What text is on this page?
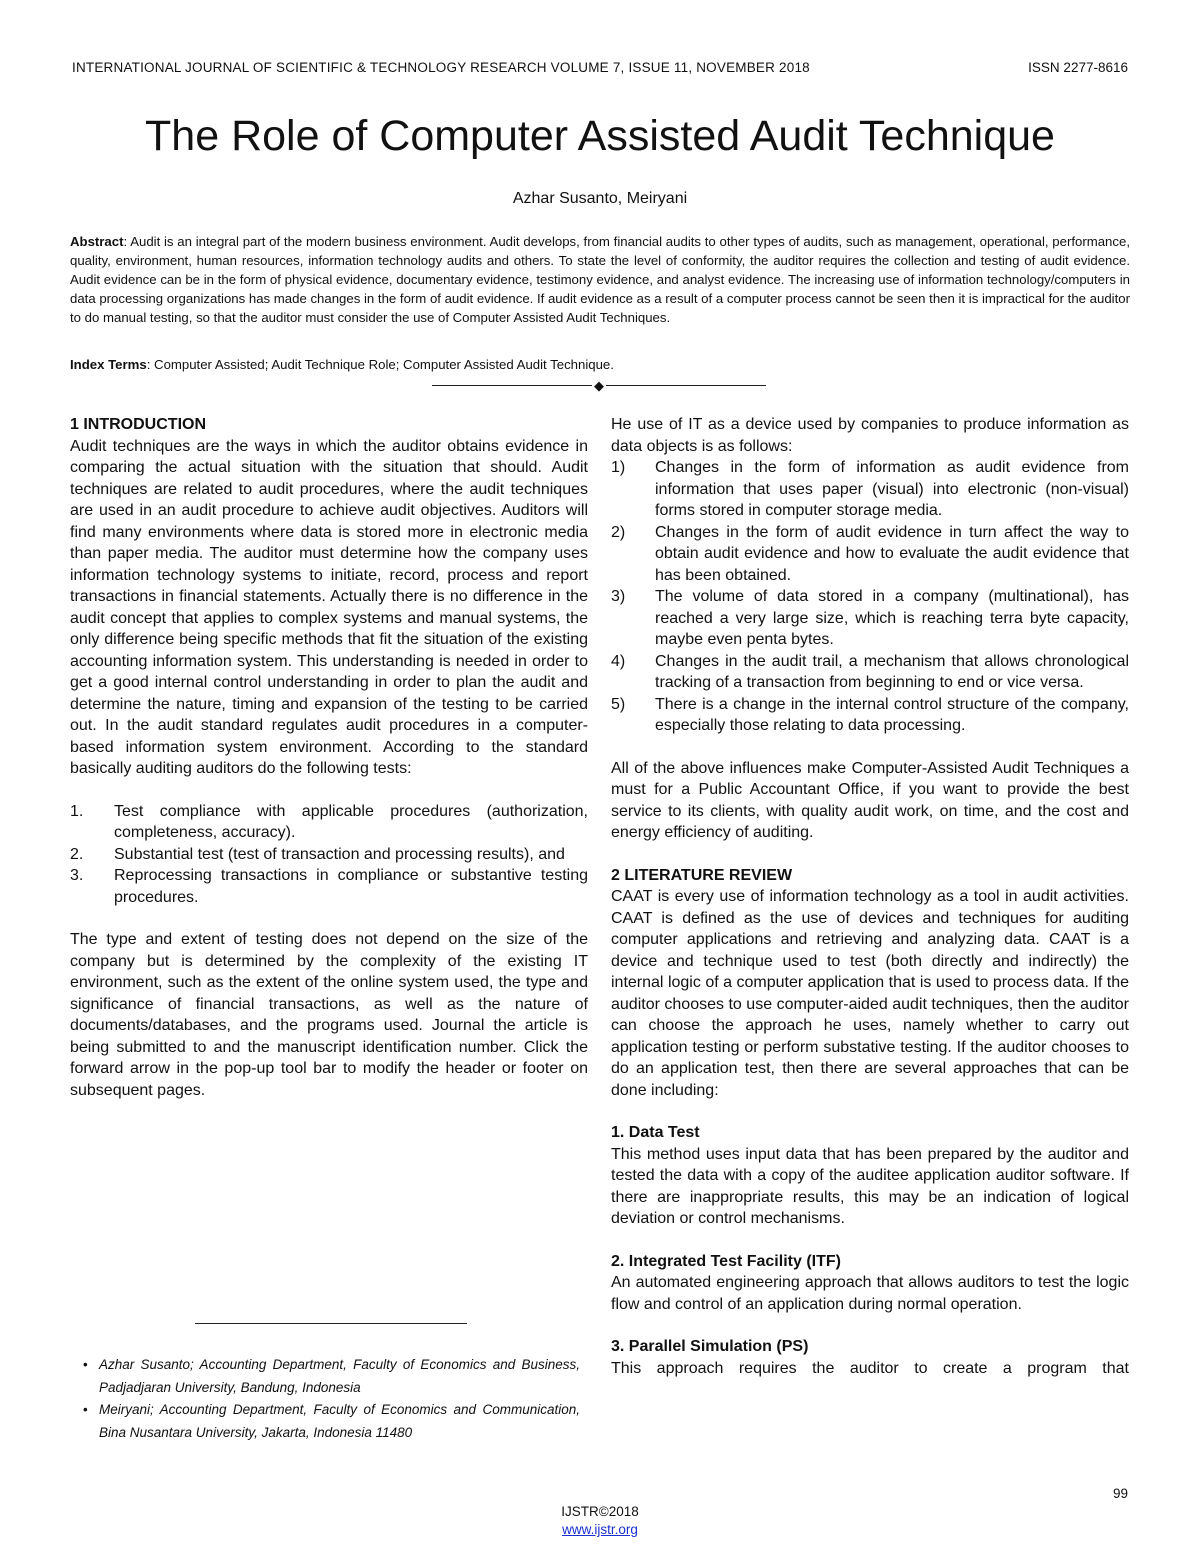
INTERNATIONAL JOURNAL OF SCIENTIFIC & TECHNOLOGY RESEARCH VOLUME 7, ISSUE 11, NOVEMBER 2018	ISSN 2277-8616
The Role of Computer Assisted Audit Technique
Azhar Susanto, Meiryani

Abstract: Audit is an integral part of the modern business environment. Audit develops, from financial audits to other types of audits, such as management, operational, performance, quality, environment, human resources, information technology audits and others. To state the level of conformity, the auditor requires the collection and testing of audit evidence. Audit evidence can be in the form of physical evidence, documentary evidence, testimony evidence, and analyst evidence. The increasing use of information technology/computers in data processing organizations has made changes in the form of audit evidence. If audit evidence as a result of a computer process cannot be seen then it is impractical for the auditor to do manual testing, so that the auditor must consider the use of Computer Assisted Audit Techniques.

Index Terms: Computer Assisted; Audit Technique Role; Computer Assisted Audit Technique.

◆
1 INTRODUCTION

Audit techniques are the ways in which the auditor obtains evidence in comparing the actual situation with the situation that should. Audit techniques are related to audit procedures, where the audit techniques are used in an audit procedure to achieve audit objectives. Auditors will find many environments where data is stored more in electronic media than paper media. The auditor must determine how the company uses information technology systems to initiate, record, process and report transactions in financial statements. Actually there is no difference in the audit concept that applies to complex systems and manual systems, the only difference being specific methods that fit the situation of the existing accounting information system. This understanding is needed in order to get a good internal control understanding in order to plan the audit and determine the nature, timing and expansion of the testing to be carried out. In the audit standard regulates audit procedures in a computer-based information system environment. According to the standard basically auditing auditors do the following tests:

1. Test compliance with applicable procedures (authorization, completeness, accuracy).
2. Substantial test (test of transaction and processing results), and
3. Reprocessing transactions in compliance or substantive testing procedures.

The type and extent of testing does not depend on the size of the company but is determined by the complexity of the existing IT environment, such as the extent of the online system used, the type and significance of financial transactions, as well as the nature of documents/databases, and the programs used. Journal the article is being submitted to and the manuscript identification number. Click the forward arrow in the pop-up tool bar to modify the header or footer on subsequent pages.

• Azhar Susanto; Accounting Department, Faculty of Economics and Business, Padjadjaran University, Bandung, Indonesia
• Meiryani; Accounting Department, Faculty of Economics and Communication, Bina Nusantara University, Jakarta, Indonesia 11480

He use of IT as a device used by companies to produce information as data objects is as follows:

1) Changes in the form of information as audit evidence from information that uses paper (visual) into electronic (non-visual) forms stored in computer storage media.
2) Changes in the form of audit evidence in turn affect the way to obtain audit evidence and how to evaluate the audit evidence that has been obtained.
3) The volume of data stored in a company (multinational), has reached a very large size, which is reaching terra byte capacity, maybe even penta bytes.
4) Changes in the audit trail, a mechanism that allows chronological tracking of a transaction from beginning to end or vice versa.
5) There is a change in the internal control structure of the company, especially those relating to data processing.

All of the above influences make Computer-Assisted Audit Techniques a must for a Public Accountant Office, if you want to provide the best service to its clients, with quality audit work, on time, and the cost and energy efficiency of auditing.

2 LITERATURE REVIEW

CAAT is every use of information technology as a tool in audit activities. CAAT is defined as the use of devices and techniques for auditing computer applications and retrieving and analyzing data. CAAT is a device and technique used to test (both directly and indirectly) the internal logic of a computer application that is used to process data. If the auditor chooses to use computer-aided audit techniques, then the auditor can choose the approach he uses, namely whether to carry out application testing or perform substative testing. If the auditor chooses to do an application test, then there are several approaches that can be done including:

1. Data Test

This method uses input data that has been prepared by the auditor and tested the data with a copy of the auditee application auditor software. If there are inappropriate results, this may be an indication of logical deviation or control mechanisms.

2. Integrated Test Facility (ITF)

An automated engineering approach that allows auditors to test the logic flow and control of an application during normal operation.

3. Parallel Simulation (PS)

This approach requires the auditor to create a program that

99
IJSTR©2018
www.ijstr.org
